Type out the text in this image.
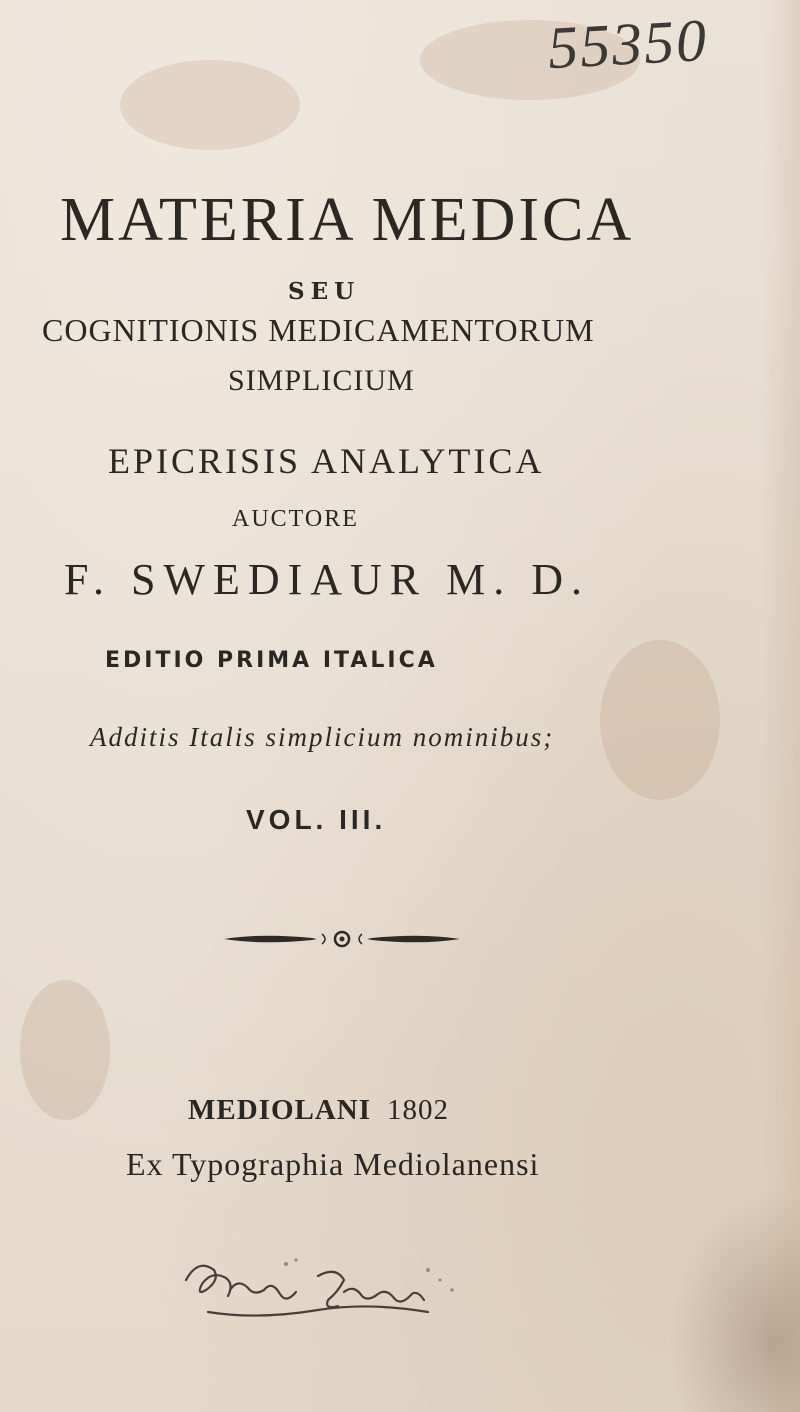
55350
MATERIA MEDICA
SEU
COGNITIONIS MEDICAMENTORUM
SIMPLICIUM
EPICRISIS ANALYTICA
AUCTORE
F. SWEDIAUR M. D.
EDITIO PRIMA ITALICA
Additis Italis simplicium nominibus;
VOL. III.
MEDIOLANI 1802
Ex Typographia Mediolanensi
